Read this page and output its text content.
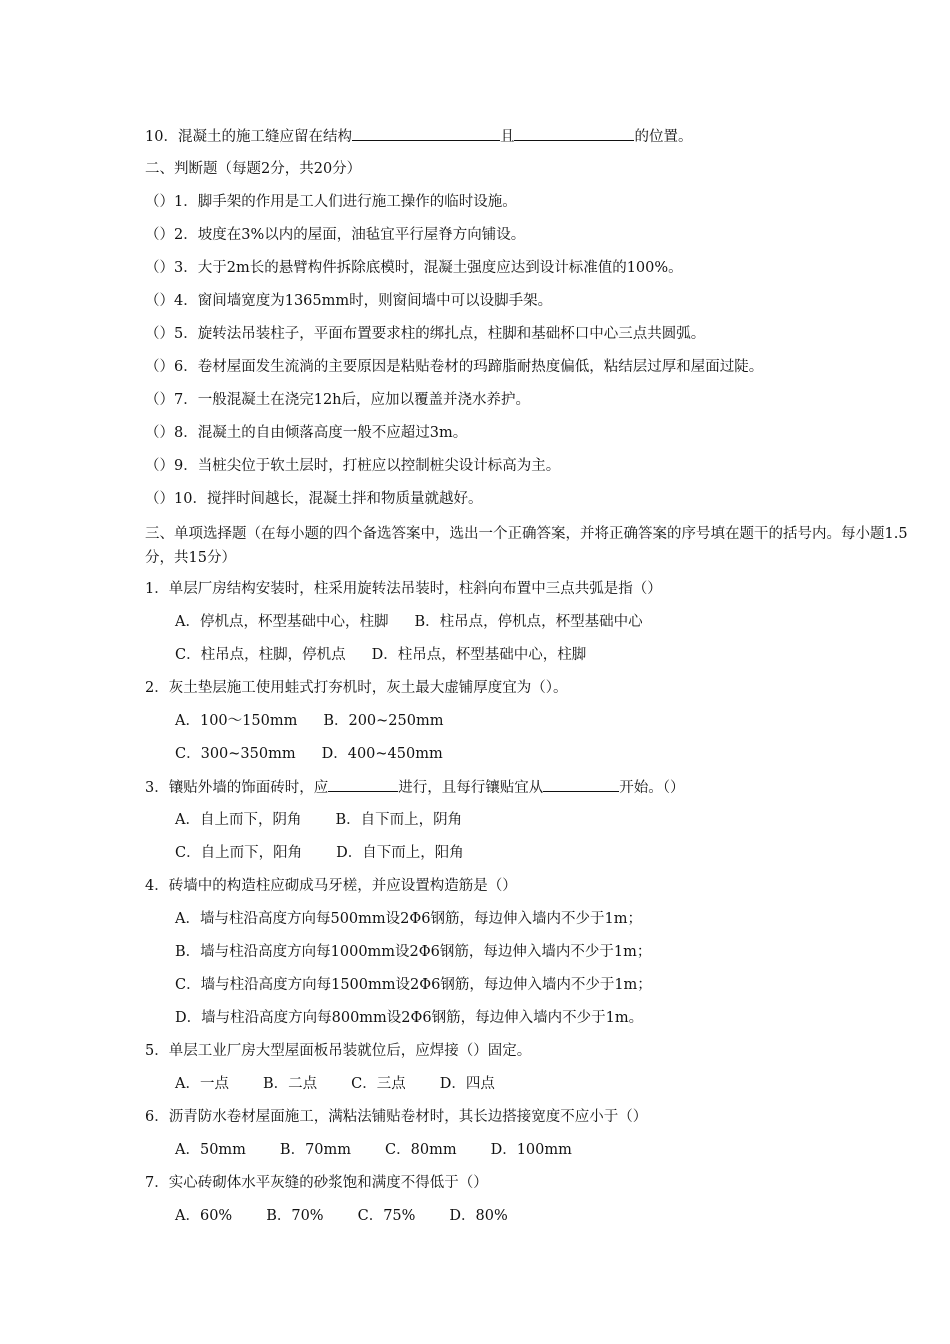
10．混凝土的施工缝应留在结构	且	的位置。
二、判断题（每题2分，共20分）
（）1．脚手架的作用是工人们进行施工操作的临时设施。
（）2．坡度在3%以内的屋面，油毡宜平行屋脊方向铺设。
（）3．大于2m长的悬臂构件拆除底模时，混凝土强度应达到设计标准值的100%。
（）4．窗间墙宽度为1365mm时，则窗间墙中可以设脚手架。
（）5．旋转法吊装柱子，平面布置要求柱的绑扎点，柱脚和基础杯口中心三点共圆弧。
（）6．卷材屋面发生流淌的主要原因是粘贴卷材的玛蹄脂耐热度偏低，粘结层过厚和屋面过陡。
（）7．一般混凝土在浇完12h后，应加以覆盖并浇水养护。
（）8．混凝土的自由倾落高度一般不应超过3m。
（）9．当桩尖位于软土层时，打桩应以控制桩尖设计标高为主。
（）10．搅拌时间越长，混凝土拌和物质量就越好。
三、单项选择题（在每小题的四个备选答案中，选出一个正确答案，并将正确答案的序号填在题干的括号内。每小题1.5分，共15分）
1．单层厂房结构安装时，柱采用旋转法吊装时，柱斜向布置中三点共弧是指（）
A．停机点，杯型基础中心，柱脚 B．柱吊点，停机点，杯型基础中心
C．柱吊点，柱脚，停机点 D．柱吊点，杯型基础中心，柱脚
2．灰土垫层施工使用蛙式打夯机时，灰土最大虚铺厚度宜为（）。
A．100～150mm B．200~250mm
C．300~350mm D．400~450mm
3．镶贴外墙的饰面砖时，应	进行，且每行镶贴宜从	开始。（）
A．自上而下，阴角 B．自下而上，阴角
C．自上而下，阳角 D．自下而上，阳角
4．砖墙中的构造柱应砌成马牙槎，并应设置构造筋是（）
A．墙与柱沿高度方向每500mm设2Φ6钢筋，每边伸入墙内不少于1m；
B．墙与柱沿高度方向每1000mm设2Φ6钢筋，每边伸入墙内不少于1m；
C．墙与柱沿高度方向每1500mm设2Φ6钢筋，每边伸入墙内不少于1m；
D．墙与柱沿高度方向每800mm设2Φ6钢筋，每边伸入墙内不少于1m。
5．单层工业厂房大型屋面板吊装就位后，应焊接（）固定。
A．一点 B．二点 C．三点 D．四点
6．沥青防水卷材屋面施工，满粘法铺贴卷材时，其长边搭接宽度不应小于（）
A．50mm B．70mm C．80mm D．100mm
7．实心砖砌体水平灰缝的砂浆饱和满度不得低于（）
A．60% B．70% C．75% D．80%
